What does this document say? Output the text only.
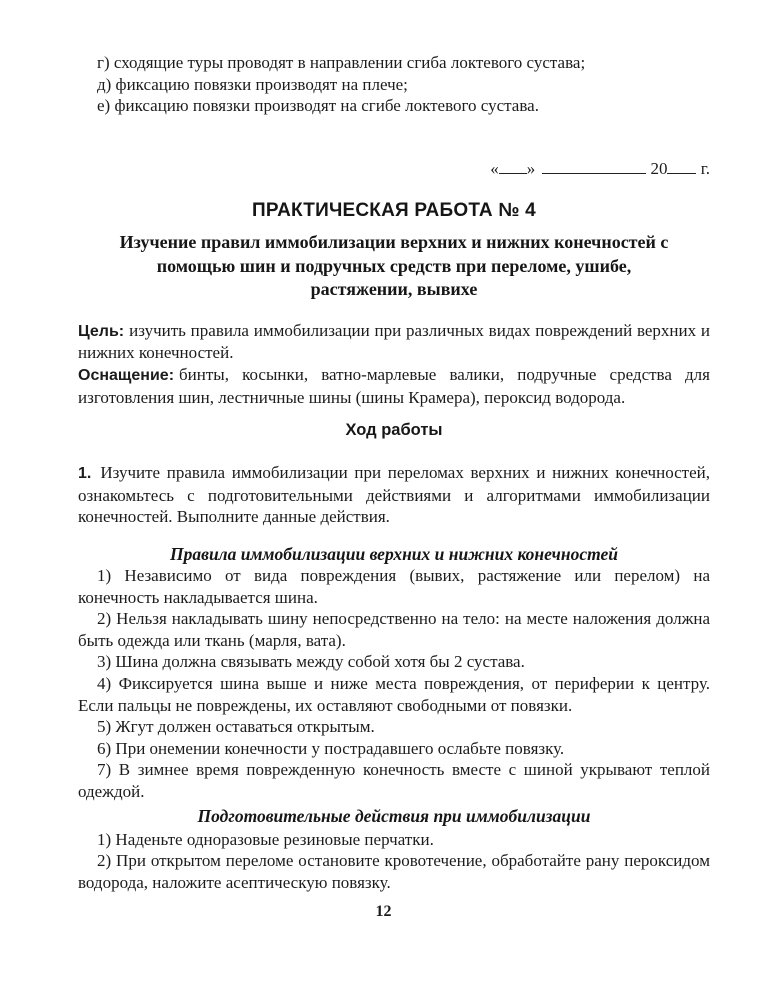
г) сходящие туры проводят в направлении сгиба локтевого сустава;

д) фиксацию повязки производят на плече;

е) фиксацию повязки производят на сгибе локтевого сустава.

« »	20 г.

ПРАКТИЧЕСКАЯ РАБОТА № 4

Изучение правил иммобилизации верхних и нижних конечностей с помощью шин и подручных средств при переломе, ушибе, растяжении, вывихе

Цель: изучить правила иммобилизации при различных видах повреждений верхних и нижних конечностей.

Оснащение: бинты, косынки, ватно-марлевые валики, подручные средства для изготовления шин, лестничные шины (шины Крамера), пероксид водорода.

Ход работы

1. Изучите правила иммобилизации при переломах верхних и нижних конечностей, ознакомьтесь с подготовительными действиями и алгоритмами иммобилизации конечностей. Выполните данные действия.

Правила иммобилизации верхних и нижних конечностей

1) Независимо от вида повреждения (вывих, растяжение или перелом) на конечность накладывается шина.

2) Нельзя накладывать шину непосредственно на тело: на месте наложения должна быть одежда или ткань (марля, вата).

3) Шина должна связывать между собой хотя бы 2 сустава.

4) Фиксируется шина выше и ниже места повреждения, от периферии к центру. Если пальцы не повреждены, их оставляют свободными от повязки.

5) Жгут должен оставаться открытым.

6) При онемении конечности у пострадавшего ослабьте повязку.

7) В зимнее время поврежденную конечность вместе с шиной укрывают теплой одеждой.

Подготовительные действия при иммобилизации

1) Наденьте одноразовые резиновые перчатки.

2) При открытом переломе остановите кровотечение, обработайте рану пероксидом водорода, наложите асептическую повязку.

12
